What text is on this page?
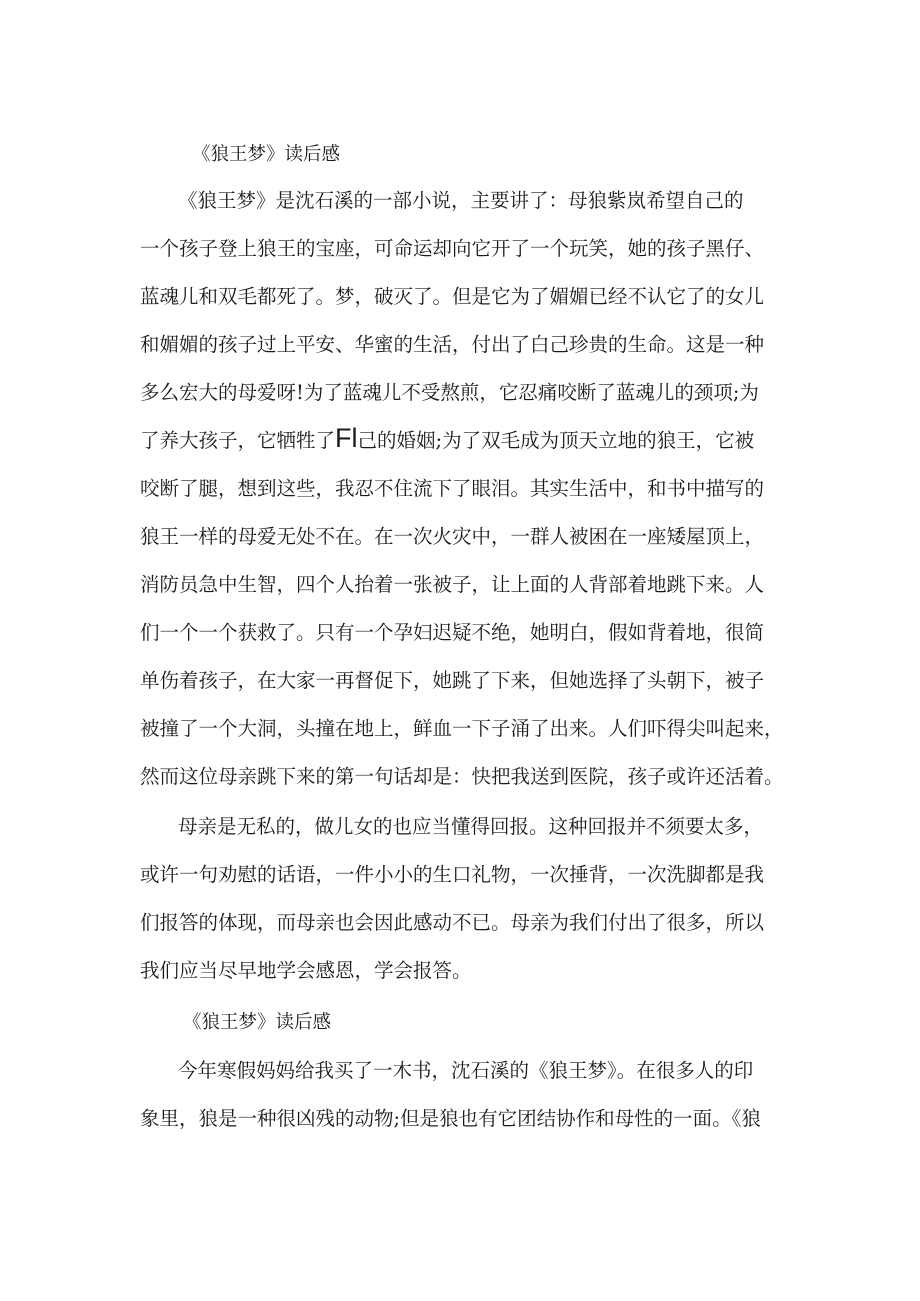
《狼王梦》读后感

《狼王梦》是沈石溪的一部小说，主要讲了：母狼紫岚希望自己的

一个孩子登上狼王的宝座，可命运却向它开了一个玩笑，她的孩子黑仔、

蓝魂儿和双毛都死了。梦，破灭了。但是它为了媚媚已经不认它了的女儿

和媚媚的孩子过上平安、华蜜的生活，付出了白己珍贵的生命。这是一种

多么宏大的母爱呀!为了蓝魂儿不受熬煎，它忍痛咬断了蓝魂儿的颈项;为

了养大孩子，它牺牲了Fl己的婚姻;为了双毛成为顶天立地的狼王，它被

咬断了腿，想到这些，我忍不住流下了眼泪。其实生活中，和书中描写的

狼王一样的母爱无处不在。在一次火灾中，一群人被困在一座矮屋顶上，

消防员急中生智，四个人抬着一张被子，让上面的人背部着地跳下来。人

们一个一个获救了。只有一个孕妇迟疑不绝，她明白，假如背着地，很简

单伤着孩子，在大家一再督促下，她跳了下来，但她选择了头朝下，被子

被撞了一个大洞，头撞在地上，鲜血一下子涌了出来。人们吓得尖叫起来，

然而这位母亲跳下来的第一句话却是：快把我送到医院，孩子或许还活着。

母亲是无私的，做儿女的也应当懂得回报。这种回报并不须要太多，

或许一句劝慰的话语，一件小小的生口礼物，一次捶背，一次洗脚都是我

们报答的体现，而母亲也会因此感动不已。母亲为我们付出了很多，所以

我们应当尽早地学会感恩，学会报答。

《狼王梦》读后感

今年寒假妈妈给我买了一木书，沈石溪的《狼王梦》。在很多人的印

象里，狼是一种很凶残的动物;但是狼也有它团结协作和母性的一面。《狼
